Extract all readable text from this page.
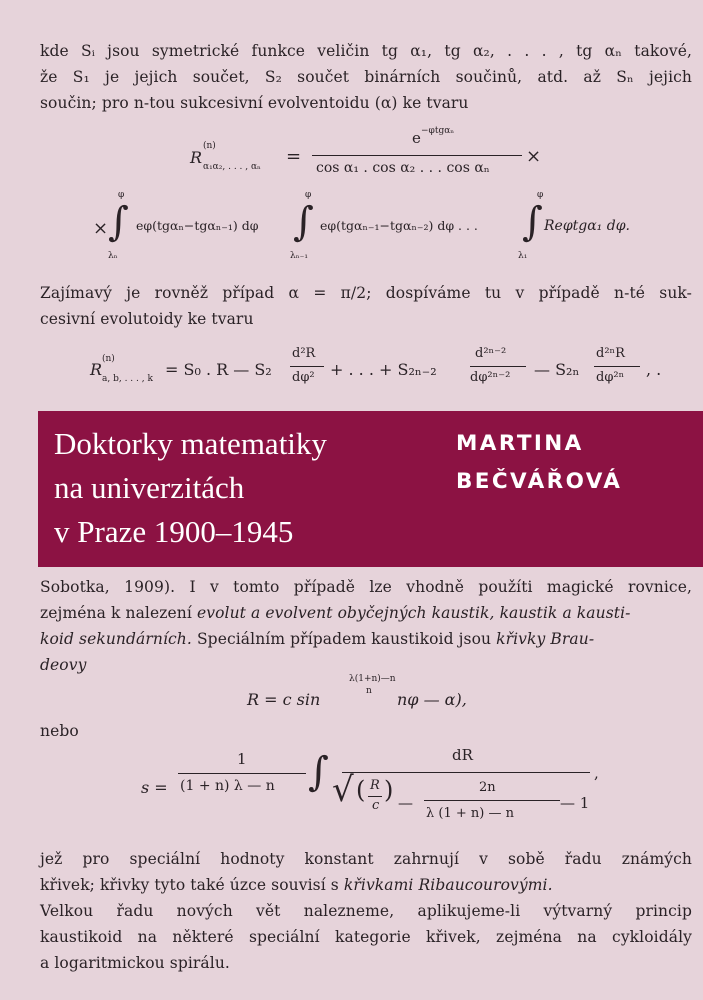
kde Sᵢ jsou symetrické funkce veličin tg α₁, tg α₂, . . . , tg αₙ takové,
že S₁ je jejich součet, S₂ součet binárních součinů, atd. až Sₙ jejich
součin; pro n-tou sukcesivní evolventoidu (α) ke tvaru
R
(n)
α₁α₂, . . . , αₙ =
e −φtgαₙ
cos α₁ . cos α₂ . . . cos αₙ
×
×
φ
∫
λₙ
eφ(tgαₙ−tgαₙ₋₁) dφ
φ
∫
λₙ₋₁
eφ(tgαₙ₋₁−tgαₙ₋₂) dφ . . .
φ
∫
λ₁
Reφtgα₁ dφ.
Zajímavý je rovněž případ α = π/2; dospíváme tu v případě n-té suk-
cesivní evolutoidy ke tvaru
R
(n)
a, b, . . . , k = S₀ . R — S₂
d²R
dφ² + . . . + S₂ₙ₋₂
d²ⁿ⁻²
dφ²ⁿ⁻² — S₂ₙ
d²ⁿR
dφ²ⁿ , .
Doktorky matematiky
na univerzitách
v Praze 1900–1945
MARTINA
BEČVÁŘOVÁ
Sobotka, 1909). I v tomto případě lze vhodně použíti magické rovnice,
zejména k nalezení evolut a evolvent obyčejných kaustik, kaustik a kausti-
koid sekundárních. Speciálním případem kaustikoid jsou křivky Brau-
deovy
R = c sin
λ(1+n)—n
n nφ — α),
nebo
s =
1
(1 + n) λ — n ∫	dR
√ ( R
c
) —
2n
λ (1 + n) — n
— 1
,
jež pro speciální hodnoty konstant zahrnují v sobě řadu známých
křivek; křivky tyto také úzce souvisí s křivkami Ribaucourovými.
Velkou řadu nových vět nalezneme, aplikujeme-li výtvarný princip
kaustikoid na některé speciální kategorie křivek, zejména na cykloidály
a logaritmickou spirálu.
